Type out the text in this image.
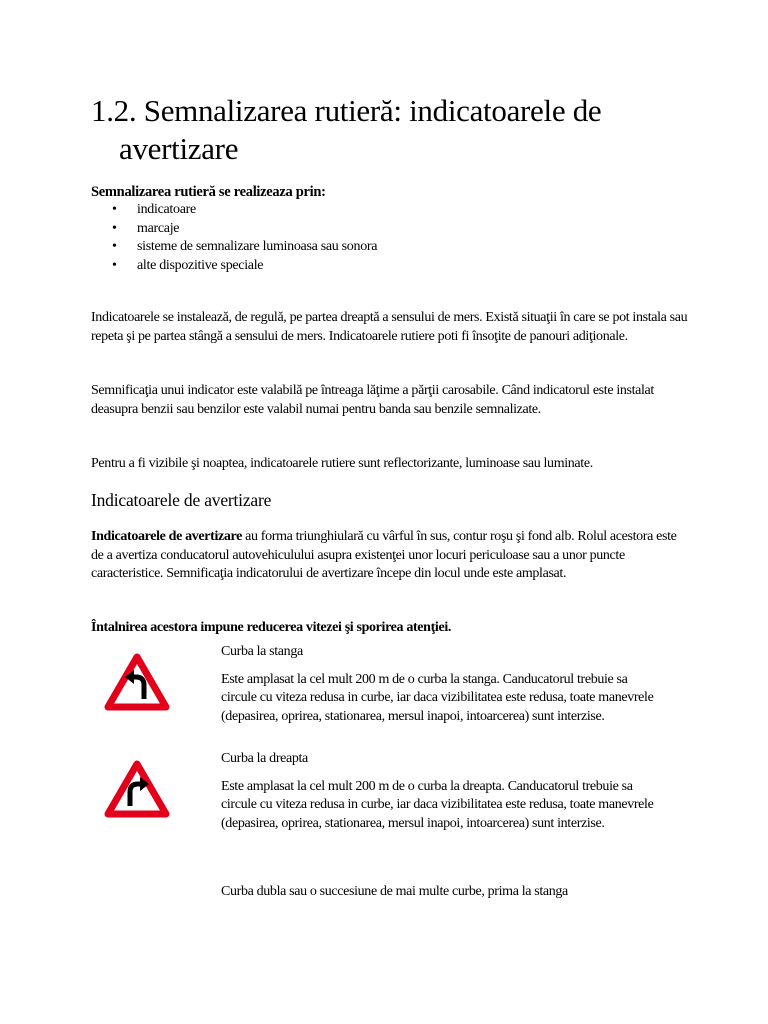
1.2. Semnalizarea rutieră: indicatoarele de
avertizare

Semnalizarea rutieră se realizeaza prin:

• indicatoare
• marcaje
• sisteme de semnalizare luminoasa sau sonora
• alte dispozitive speciale

Indicatoarele se instalează, de regulă, pe partea dreaptă a sensului de mers. Există situaţii în care se pot instala sau repeta şi pe partea stângă a sensului de mers. Indicatoarele rutiere poti fi însoţite de panouri adiţionale.

Semnificaţia unui indicator este valabilă pe întreaga lăţime a părţii carosabile. Când indicatorul este instalat deasupra benzii sau benzilor este valabil numai pentru banda sau benzile semnalizate.

Pentru a fi vizibile şi noaptea, indicatoarele rutiere sunt reflectorizante, luminoase sau luminate.

Indicatoarele de avertizare

Indicatoarele de avertizare au forma triunghiulară cu vârful în sus, contur roşu şi fond alb. Rolul acestora este de a avertiza conducatorul autovehiculului asupra existenţei unor locuri periculoase sau a unor puncte caracteristice. Semnificaţia indicatorului de avertizare începe din locul unde este amplasat.

Întalnirea acestora impune reducerea vitezei şi sporirea atenţiei.

Curba la stanga

Este amplasat la cel mult 200 m de o curba la stanga. Canducatorul trebuie sa circule cu viteza redusa in curbe, iar daca vizibilitatea este redusa, toate manevrele (depasirea, oprirea, stationarea, mersul inapoi, intoarcerea) sunt interzise.

Curba la dreapta

Este amplasat la cel mult 200 m de o curba la dreapta. Canducatorul trebuie sa circule cu viteza redusa in curbe, iar daca vizibilitatea este redusa, toate manevrele (depasirea, oprirea, stationarea, mersul inapoi, intoarcerea) sunt interzise.

Curba dubla sau o succesiune de mai multe curbe, prima la stanga
